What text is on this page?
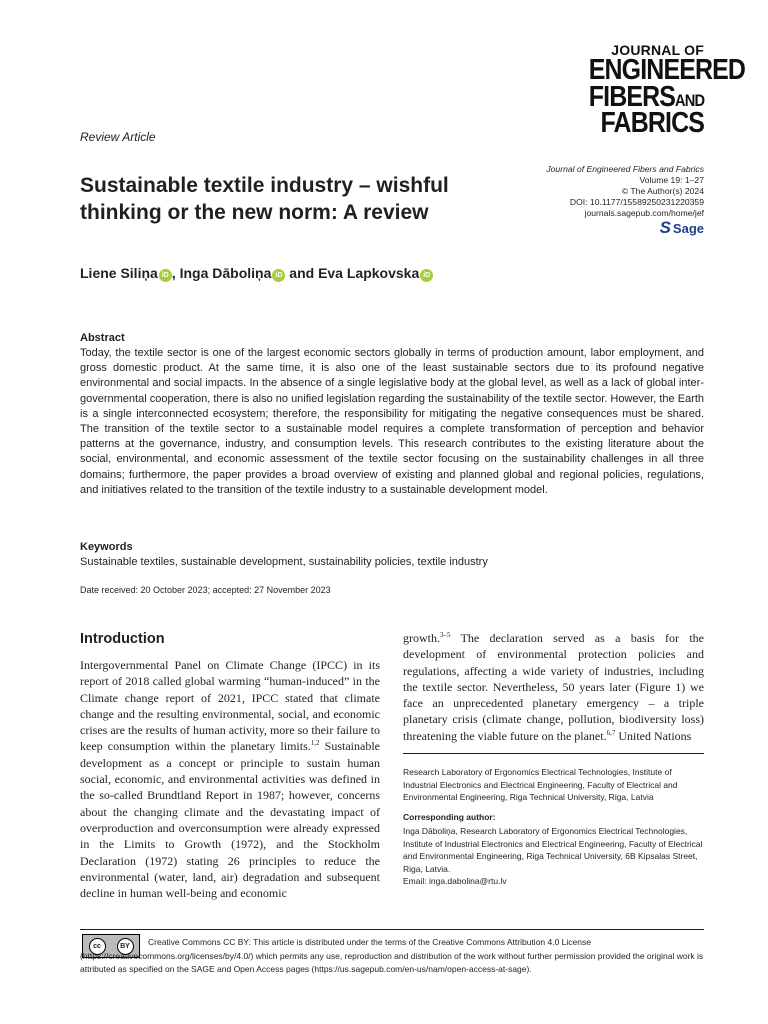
JOURNAL OF
ENGINEERED
FIBERSAND
FABRICS
Review Article
Journal of Engineered Fibers and Fabrics
Volume 19: 1–27
© The Author(s) 2024
DOI: 10.1177/15589250231220359
journals.sagepub.com/home/jef
S Sage
Sustainable textile industry – wishful thinking or the new norm: A review
Liene Siliņa iD , Inga Dāboliņa iD and Eva Lapkovska iD
Abstract
Today, the textile sector is one of the largest economic sectors globally in terms of production amount, labor employment, and gross domestic product. At the same time, it is also one of the least sustainable sectors due to its profound negative environmental and social impacts. In the absence of a single legislative body at the global level, as well as a lack of global inter-governmental cooperation, there is also no unified legislation regarding the sustainability of the textile sector. However, the Earth is a single interconnected ecosystem; therefore, the responsibility for mitigating the negative consequences must be shared. The transition of the textile sector to a sustainable model requires a complete transformation of perception and behavior patterns at the governance, industry, and consumption levels. This research contributes to the existing literature about the social, environmental, and economic assessment of the textile sector focusing on the sustainability challenges in all three domains; furthermore, the paper provides a broad overview of existing and planned global and regional policies, regulations, and initiatives related to the transition of the textile industry to a sustainable development model.
Keywords
Sustainable textiles, sustainable development, sustainability policies, textile industry
Date received: 20 October 2023; accepted: 27 November 2023
Introduction
Intergovernmental Panel on Climate Change (IPCC) in its report of 2018 called global warming “human-induced” in the Climate change report of 2021, IPCC stated that climate change and the resulting environmental, social, and economic crises are the results of human activity, more so their failure to keep consumption within the planetary limits.$^{1,2}$ Sustainable development as a concept or principle to sustain human social, economic, and environmental activities was defined in the so-called Brundtland Report in 1987; however, concerns about the changing climate and the devastating impact of overproduction and overconsumption were already expressed in the Limits to Growth (1972), and the Stockholm Declaration (1972) stating 26 principles to reduce the environmental (water, land, air) degradation and subsequent decline in human well-being and economic
growth.$^{3-5}$ The declaration served as a basis for the development of environmental protection policies and regulations, affecting a wide variety of industries, including the textile sector. Nevertheless, 50 years later (Figure 1) we face an unprecedented planetary emergency – a triple planetary crisis (climate change, pollution, biodiversity loss) threatening the viable future on the planet.$^{6,7}$ United Nations
Research Laboratory of Ergonomics Electrical Technologies, Institute of Industrial Electronics and Electrical Engineering, Faculty of Electrical and Environmental Engineering, Riga Technical University, Riga, Latvia
Corresponding author:
Inga Dāboliņa, Research Laboratory of Ergonomics Electrical Technologies, Institute of Industrial Electronics and Electrical Engineering, Faculty of Electrical and Environmental Engineering, Riga Technical University, 6B Kipsalas Street, Riga, Latvia.
Email: inga.dabolina@rtu.lv
cc	BY	Creative Commons CC BY: This article is distributed under the terms of the Creative Commons Attribution 4.0 License (https://creativecommons.org/licenses/by/4.0/) which permits any use, reproduction and distribution of the work without further permission provided the original work is attributed as specified on the SAGE and Open Access pages (https://us.sagepub.com/en-us/nam/open-access-at-sage).
